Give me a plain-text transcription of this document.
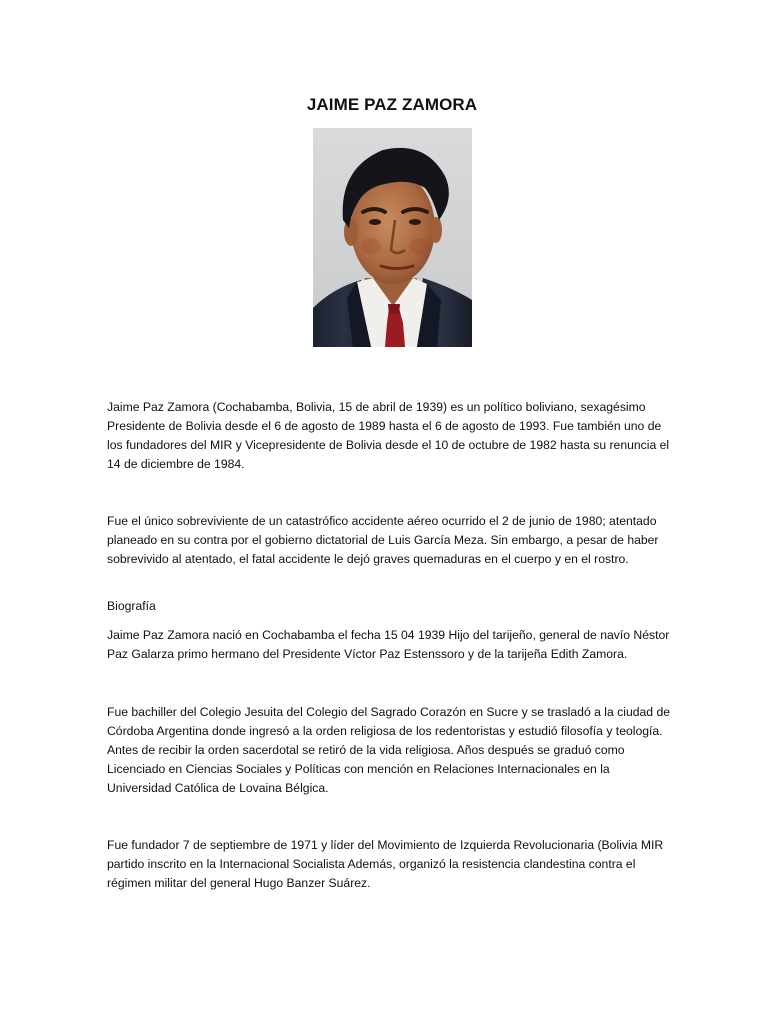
JAIME PAZ ZAMORA

Jaime Paz Zamora (Cochabamba, Bolivia, 15 de abril de 1939) es un político boliviano, sexagésimo Presidente de Bolivia desde el 6 de agosto de 1989 hasta el 6 de agosto de 1993. Fue también uno de los fundadores del MIR y Vicepresidente de Bolivia desde el 10 de octubre de 1982 hasta su renuncia el 14 de diciembre de 1984.

Fue el único sobreviviente de un catastrófico accidente aéreo ocurrido el 2 de junio de 1980; atentado planeado en su contra por el gobierno dictatorial de Luis García Meza. Sin embargo, a pesar de haber sobrevivido al atentado, el fatal accidente le dejó graves quemaduras en el cuerpo y en el rostro.

Biografía

Jaime Paz Zamora nació en Cochabamba el fecha 15 04 1939 Hijo del tarijeño, general de navío Néstor Paz Galarza primo hermano del Presidente Víctor Paz Estenssoro y de la tarijeña Edith Zamora.

Fue bachiller del Colegio Jesuita del Colegio del Sagrado Corazón en Sucre y se trasladó a la ciudad de Córdoba Argentina donde ingresó a la orden religiosa de los redentoristas y estudió filosofía y teología. Antes de recibir la orden sacerdotal se retiró de la vida religiosa. Años después se graduó como Licenciado en Ciencias Sociales y Políticas con mención en Relaciones Internacionales en la Universidad Católica de Lovaina Bélgica.

Fue fundador 7 de septiembre de 1971 y líder del Movimiento de Izquierda Revolucionaria (Bolivia MIR partido inscrito en la Internacional Socialista Además, organizó la resistencia clandestina contra el régimen militar del general Hugo Banzer Suárez.
